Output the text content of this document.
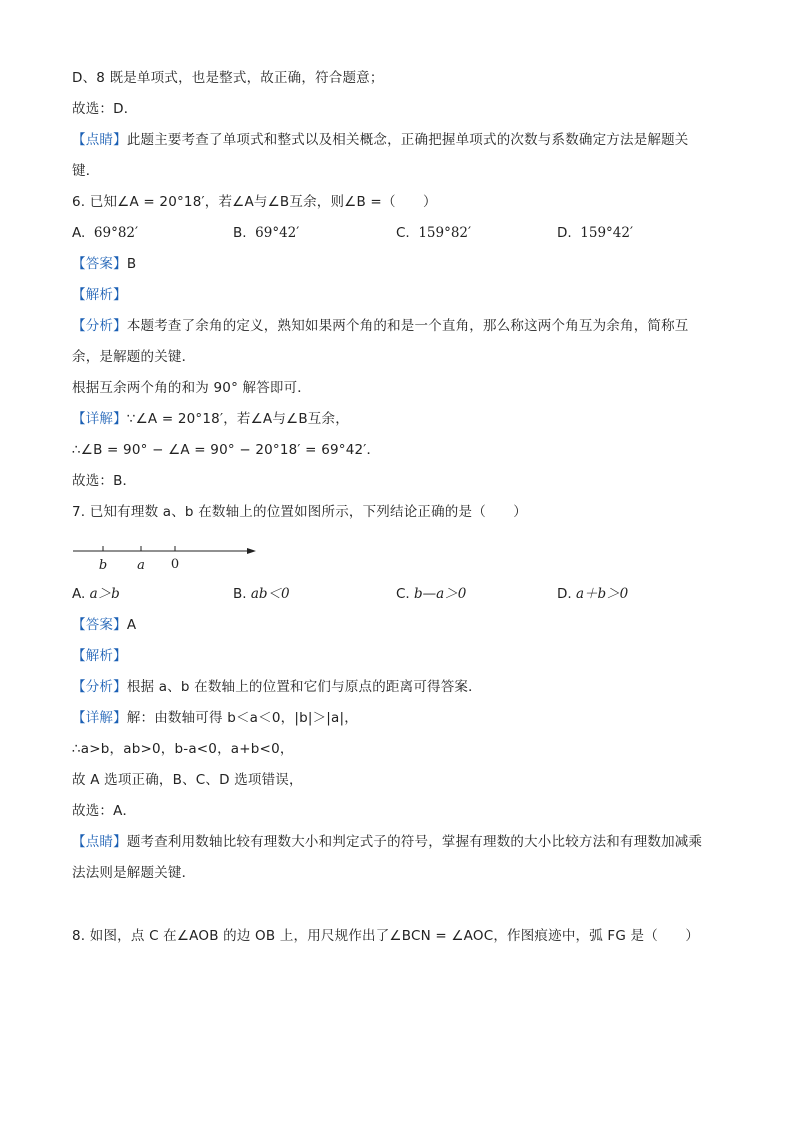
D、8 既是单项式，也是整式，故正确，符合题意；
故选：D．
【点睛】此题主要考查了单项式和整式以及相关概念，正确把握单项式的次数与系数确定方法是解题关
键．
6. 已知∠A = 20°18′，若∠A与∠B互余，则∠B =（　　）
A. 69°82′	B. 69°42′	C. 159°82′	D. 159°42′
【答案】B
【解析】
【分析】本题考查了余角的定义，熟知如果两个角的和是一个直角，那么称这两个角互为余角，简称互
余，是解题的关键．
根据互余两个角的和为 90° 解答即可．
【详解】∵∠A = 20°18′，若∠A与∠B互余，
∴∠B = 90° − ∠A = 90° − 20°18′ = 69°42′．
故选：B．
7. 已知有理数 a、b 在数轴上的位置如图所示，下列结论正确的是（　　）
b a 0
A. a＞b	B. ab＜0	C. b—a＞0	D. a＋b＞0
【答案】A
【解析】
【分析】根据 a、b 在数轴上的位置和它们与原点的距离可得答案．
【详解】解：由数轴可得 b＜a＜0，|b|＞|a|，
∴a>b，ab>0，b-a<0，a+b<0，
故 A 选项正确，B、C、D 选项错误，
故选：A．
【点睛】题考查利用数轴比较有理数大小和判定式子的符号，掌握有理数的大小比较方法和有理数加减乘
法法则是解题关键．
8. 如图，点 C 在∠AOB 的边 OB 上，用尺规作出了∠BCN = ∠AOC，作图痕迹中，弧 FG 是（　　）
